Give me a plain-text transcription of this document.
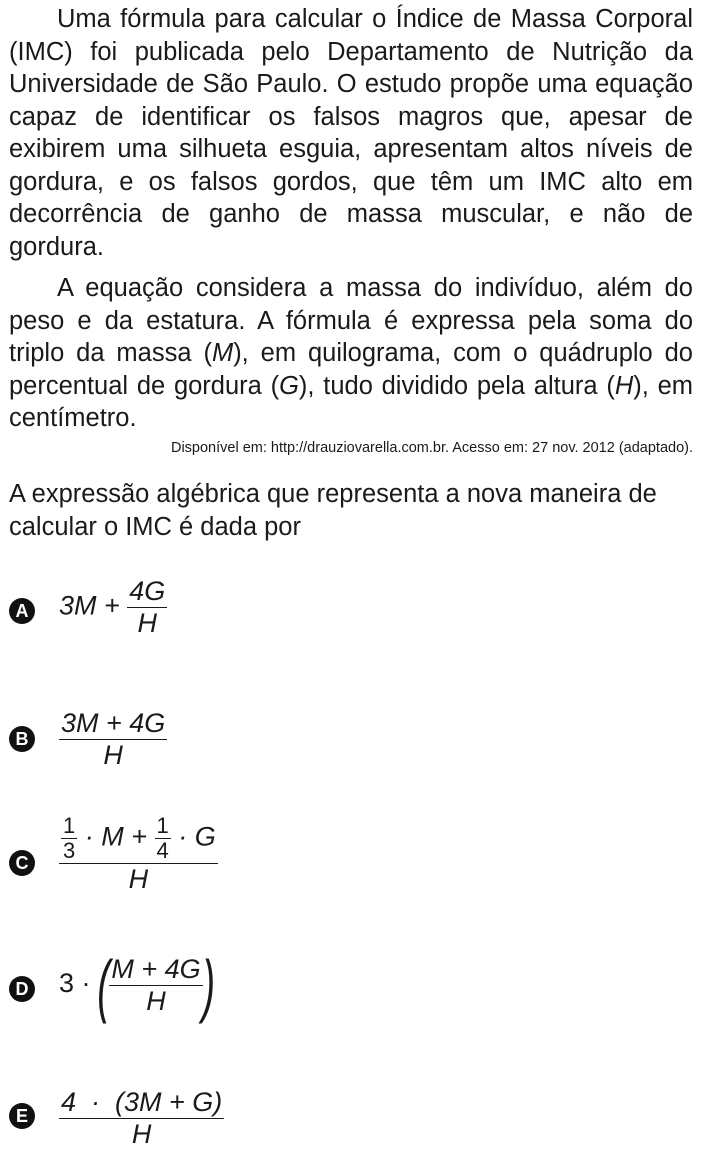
Uma fórmula para calcular o Índice de Massa Corporal (IMC) foi publicada pelo Departamento de Nutrição da Universidade de São Paulo. O estudo propõe uma equação capaz de identificar os falsos magros que, apesar de exibirem uma silhueta esguia, apresentam altos níveis de gordura, e os falsos gordos, que têm um IMC alto em decorrência de ganho de massa muscular, e não de gordura.

A equação considera a massa do indivíduo, além do peso e da estatura. A fórmula é expressa pela soma do triplo da massa (M), em quilograma, com o quádruplo do percentual de gordura (G), tudo dividido pela altura (H), em centímetro.

Disponível em: http://drauziovarella.com.br. Acesso em: 27 nov. 2012 (adaptado).

A expressão algébrica que representa a nova maneira de calcular o IMC é dada por

A $3M + \frac{4G}{H}$
B $\frac{3M + 4G}{H}$
C $\frac{\frac{1}{3} \cdot M + \frac{1}{4} \cdot G}{H}$
D 3 · ( $\frac{M + 4G}{H}$ )
E $\frac{4 \cdot (3M + G)}{H}$
